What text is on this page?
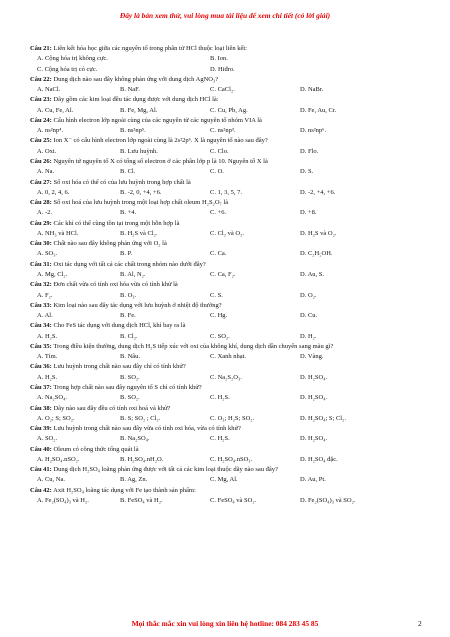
Đây là bản xem thử, vui lòng mua tài liệu để xem chi tiết (có lời giải)
Câu 21: Liên kết hóa học giữa các nguyên tố trong phân tử HCl thuộc loại liên kết:
A. Cộng hóa trị không cực.	B. Ion.
C. Cộng hóa trị có cực.	D. Hiđro.
Câu 22: Dung dịch nào sau đây không phản ứng với dung dịch AgNO₃?
A. NaCl.	B. NaF.	C. CaCl₂.	D. NaBr.
Câu 23: Dãy gồm các kim loại đều tác dụng được với dung dịch HCl là:
A. Cu, Fe, Al.	B. Fe, Mg, Al.	C. Cu, Pb, Ag.	D. Fe, Au, Cr.
Câu 24: Cấu hình electron lớp ngoài cùng của các nguyên tử các nguyên tố nhóm VIA là
A. ns²np⁴.	B. ns²np⁵.	C. ns²np³.	D. ns²np⁶.
Câu 25: Ion X⁻ có cấu hình electron lớp ngoài cùng là 2s²2p⁶. X là nguyên tố nào sau đây?
A. Oxi.	B. Lưu huỳnh.	C. Clo.	D. Flo.
Câu 26: Nguyên tử nguyên tố X có tổng số electron ở các phân lớp p là 10. Nguyên tố X là
A. Na.	B. Cl.	C. O.	D. S.
Câu 27: Số oxi hóa có thể có của lưu huỳnh trong hợp chất là
A. 0, 2, 4, 6.	B. -2, 0, +4, +6.	C. 1, 3, 5, 7.	D. -2, +4, +6.
Câu 28: Số oxi hoá của lưu huỳnh trong một loại hợp chất oleum H₂S₂O₇ là
A. -2.	B. +4.	C. +6.	D. +8.
Câu 29: Các khí có thể cùng tồn tại trong một hỗn hợp là
A. NH₃ và HCl.	B. H₂S và Cl₂.	C. Cl₂ và O₂.	D. H₂S và O₂.
Câu 30: Chất nào sau đây không phản ứng với O₂ là
A. SO₃.	B. P.	C. Ca.	D. C₂H₅OH.
Câu 31: Oxi tác dụng với tất cả các chất trong nhóm nào dưới đây?
A. Mg, Cl₂.	B. Al, N₂.	C. Ca, F₂.	D. Au, S.
Câu 32: Đơn chất vừa có tính oxi hóa vừa có tính khử là
A. F₂.	B. O₃.	C. S.	D. O₂.
Câu 33: Kim loại nào sau đây tác dụng với lưu huỳnh ở nhiệt độ thường?
A. Al.	B. Fe.	C. Hg.	D. Cu.
Câu 34: Cho FeS tác dụng với dung dịch HCl, khí bay ra là
A. H₂S.	B. Cl₂.	C. SO₂.	D. H₂.
Câu 35: Trong điều kiện thường, dung dịch H₂S tiếp xúc với oxi của không khí, dung dịch dần chuyển sang màu gì?
A. Tím.	B. Nâu.	C. Xanh nhạt.	D. Vàng.
Câu 36: Lưu huỳnh trong chất nào sau đây chỉ có tính khử?
A. H₂S.	B. SO₂.	C. Na₂S₂O₃.	D. H₂SO₄.
Câu 37: Trong hợp chất nào sau đây nguyên tố S chỉ có tính khử?
A. Na₂SO₄.	B. SO₂.	C. H₂S.	D. H₂SO₄.
Câu 38: Dãy nào sau đây đều có tính oxi hoá và khử?
A. O₂; S; SO₂.	B. S; SO₂ ; Cl₂.	C. O₃; H₂S; SO₂.	D. H₂SO₄; S; Cl₂.
Câu 39: Lưu huỳnh trong chất nào sau đây vừa có tính oxi hóa, vừa có tính khử?
A. SO₂.	B. Na₂SO₄.	C. H₂S.	D. H₂SO₄.
Câu 40: Oleum có công thức tổng quát là
A. H₂SO₄.nSO₂.	B. H₂SO₄.nH₂O.	C. H₂SO₄.nSO₃.	D. H₂SO₄ đặc.
Câu 41: Dung dịch H₂SO₄ loãng phản ứng được với tất cả các kim loại thuộc dãy nào sau đây?
A. Cu, Na.	B. Ag, Zn.	C. Mg, Al.	D. Au, Pt.
Câu 42: Axit H₂SO₄ loãng tác dụng với Fe tạo thành sản phẩm:
A. Fe₂(SO₄)₃ và H₂.	B. FeSO₄ và H₂.	C. FeSO₄ và SO₂.	D. Fe₂(SO₄)₃ và SO₂.
Mọi thắc mắc xin vui lòng xin liên hệ hotline: 084 283 45 85	2
